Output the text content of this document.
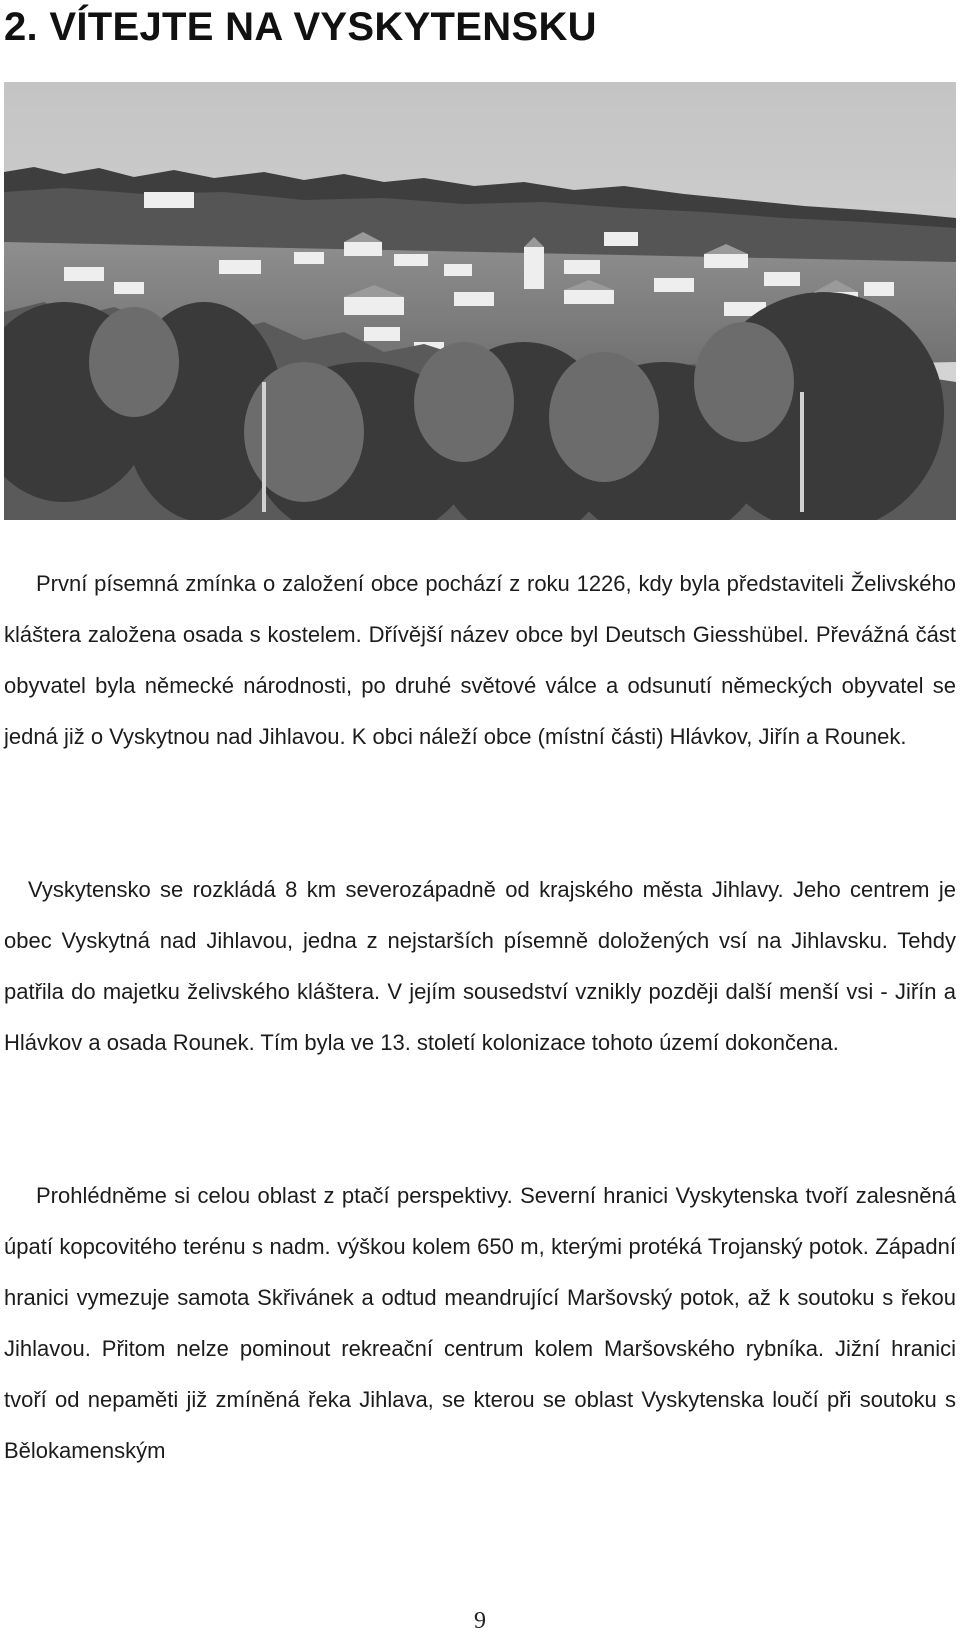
2. VÍTEJTE NA VYSKYTENSKU

První písemná zmínka o založení obce pochází z roku 1226, kdy byla představiteli Želivského kláštera založena osada s kostelem. Dřívější název obce byl Deutsch Giesshübel. Převážná část obyvatel byla německé národnosti, po druhé světové válce a odsunutí německých obyvatel se jedná již o Vyskytnou nad Jihlavou. K obci náleží obce (místní části) Hlávkov, Jiřín a Rounek.

Vyskytensko se rozkládá 8 km severozápadně od krajského města Jihlavy. Jeho centrem je obec Vyskytná nad Jihlavou, jedna z nejstarších písemně doložených vsí na Jihlavsku. Tehdy patřila do majetku želivského kláštera. V jejím sousedství vznikly později další menší vsi - Jiřín a Hlávkov a osada Rounek. Tím byla ve 13. století kolonizace tohoto území dokončena.

Prohlédněme si celou oblast z ptačí perspektivy. Severní hranici Vyskytenska tvoří zalesněná úpatí kopcovitého terénu s nadm. výškou kolem 650 m, kterými protéká Trojanský potok. Západní hranici vymezuje samota Skřivánek a odtud meandrující Maršovský potok, až k soutoku s řekou Jihlavou. Přitom nelze pominout rekreační centrum kolem Maršovského rybníka. Jižní hranici tvoří od nepaměti již zmíněná řeka Jihlava, se kterou se oblast Vyskytenska loučí při soutoku s Bělokamenským

9
